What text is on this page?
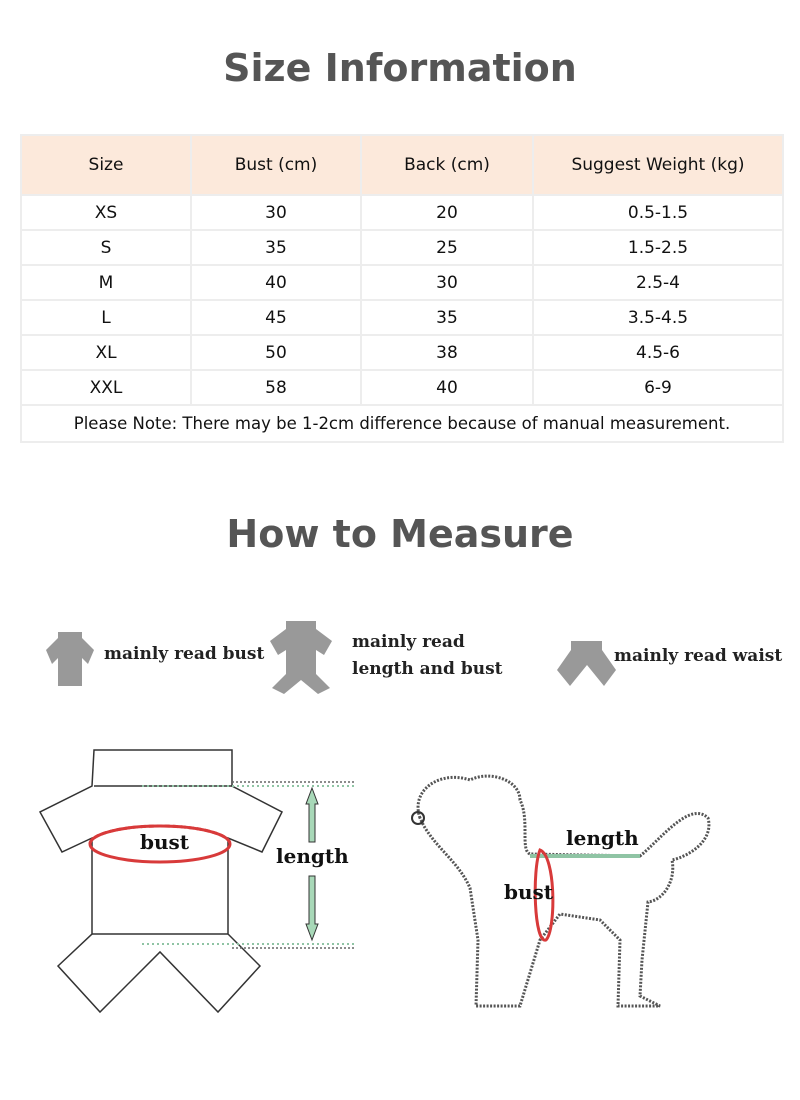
Size Information
Size	Bust (cm)	Back (cm)	Suggest Weight (kg)
XS	30	20	0.5-1.5
S	35	25	1.5-2.5
M	40	30	2.5-4
L	45	35	3.5-4.5
XL	50	38	4.5-6
XXL	58	40	6-9
Please Note: There may be 1-2cm difference because of manual measurement.			
How to Measure
mainly read bust
mainly read
length and bust
mainly read waist
bust
length
length
bust
